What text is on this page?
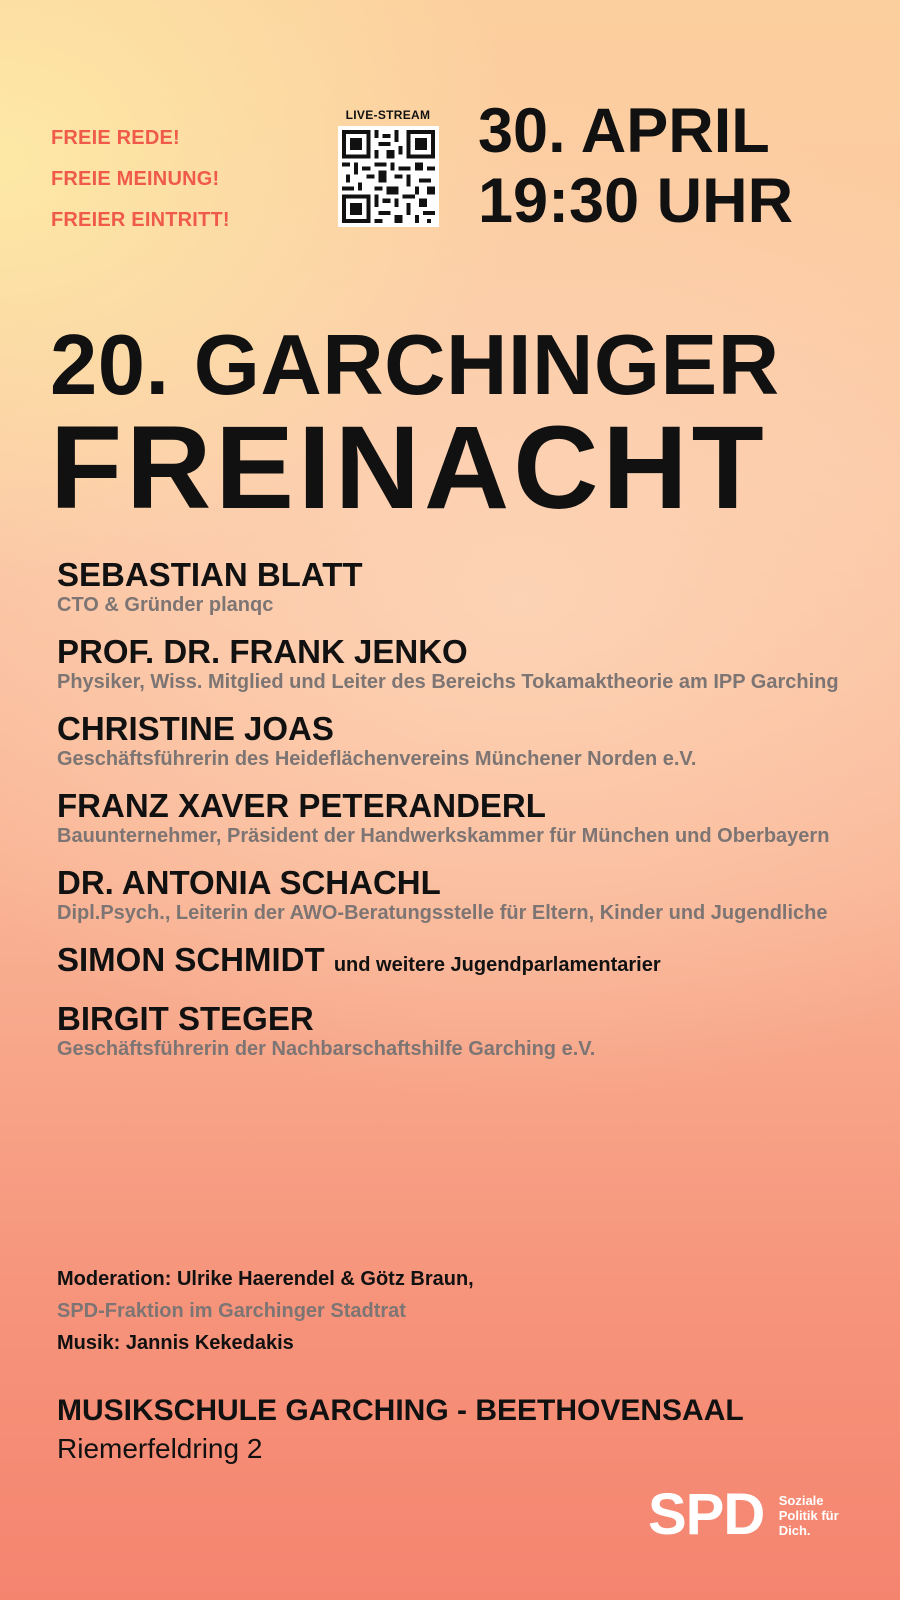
FREIE REDE!
FREIE MEINUNG!
FREIER EINTRITT!
LIVE-STREAM 30. APRIL
19:30 UHR
20. GARCHINGER
FREINACHT
SEBASTIAN BLATT
CTO & Gründer planqc
PROF. DR. FRANK JENKO
Physiker, Wiss. Mitglied und Leiter des Bereichs Tokamaktheorie am IPP Garching
CHRISTINE JOAS
Geschäftsführerin des Heideflächenvereins Münchener Norden e.V.
FRANZ XAVER PETERANDERL
Bauunternehmer, Präsident der Handwerkskammer für München und Oberbayern
DR. ANTONIA SCHACHL
Dipl.Psych., Leiterin der AWO-Beratungsstelle für Eltern, Kinder und Jugendliche
SIMON SCHMIDT und weitere Jugendparlamentarier
BIRGIT STEGER
Geschäftsführerin der Nachbarschaftshilfe Garching e.V.
Moderation: Ulrike Haerendel & Götz Braun,
SPD-Fraktion im Garchinger Stadtrat
Musik: Jannis Kekedakis
MUSIKSCHULE GARCHING - BEETHOVENSAAL
Riemerfeldring 2
SPD Soziale
Politik für
Dich.
